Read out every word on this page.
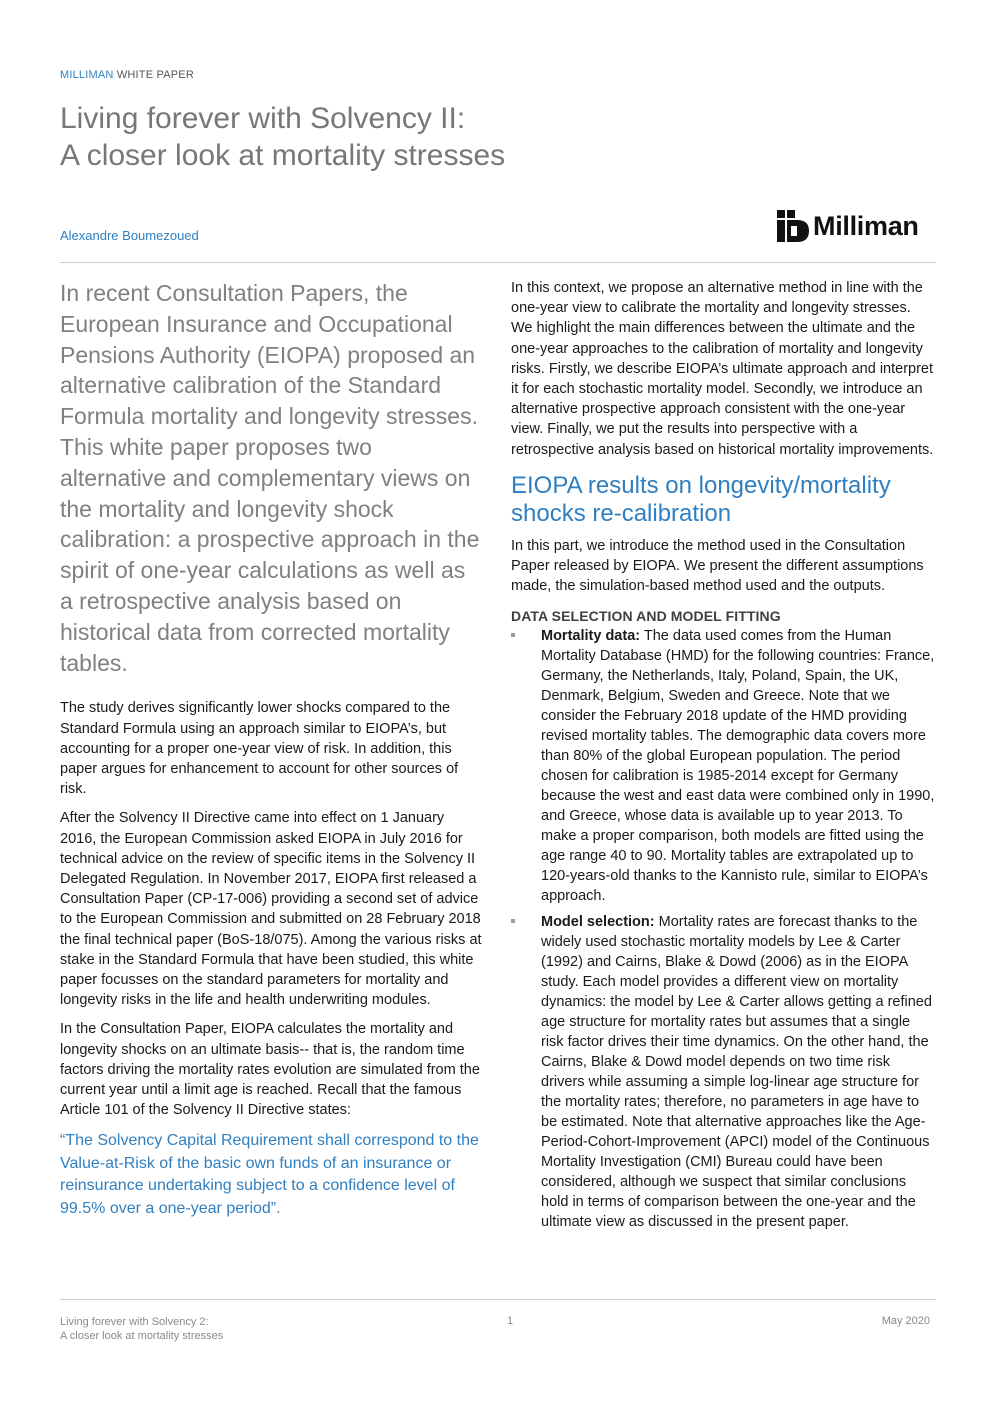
MILLIMAN WHITE PAPER
Living forever with Solvency II:
A closer look at mortality stresses
Alexandre Boumezoued	Milliman

In recent Consultation Papers, the European Insurance and Occupational Pensions Authority (EIOPA) proposed an alternative calibration of the Standard Formula mortality and longevity stresses. This white paper proposes two alternative and complementary views on the mortality and longevity shock calibration: a prospective approach in the spirit of one-year calculations as well as a retrospective analysis based on historical data from corrected mortality tables.

The study derives significantly lower shocks compared to the Standard Formula using an approach similar to EIOPA’s, but accounting for a proper one-year view of risk. In addition, this paper argues for enhancement to account for other sources of risk.

After the Solvency II Directive came into effect on 1 January 2016, the European Commission asked EIOPA in July 2016 for technical advice on the review of specific items in the Solvency II Delegated Regulation. In November 2017, EIOPA first released a Consultation Paper (CP-17-006) providing a second set of advice to the European Commission and submitted on 28 February 2018 the final technical paper (BoS-18/075). Among the various risks at stake in the Standard Formula that have been studied, this white paper focusses on the standard parameters for mortality and longevity risks in the life and health underwriting modules.

In the Consultation Paper, EIOPA calculates the mortality and longevity shocks on an ultimate basis-- that is, the random time factors driving the mortality rates evolution are simulated from the current year until a limit age is reached. Recall that the famous Article 101 of the Solvency II Directive states:

“The Solvency Capital Requirement shall correspond to the Value-at-Risk of the basic own funds of an insurance or reinsurance undertaking subject to a confidence level of 99.5% over a one-year period”.

In this context, we propose an alternative method in line with the one-year view to calibrate the mortality and longevity stresses. We highlight the main differences between the ultimate and the one-year approaches to the calibration of mortality and longevity risks. Firstly, we describe EIOPA’s ultimate approach and interpret it for each stochastic mortality model. Secondly, we introduce an alternative prospective approach consistent with the one-year view. Finally, we put the results into perspective with a retrospective analysis based on historical mortality improvements.

EIOPA results on longevity/mortality shocks re-calibration

In this part, we introduce the method used in the Consultation Paper released by EIOPA. We present the different assumptions made, the simulation-based method used and the outputs.

DATA SELECTION AND MODEL FITTING
Mortality data: The data used comes from the Human Mortality Database (HMD) for the following countries: France, Germany, the Netherlands, Italy, Poland, Spain, the UK, Denmark, Belgium, Sweden and Greece. Note that we consider the February 2018 update of the HMD providing revised mortality tables. The demographic data covers more than 80% of the global European population. The period chosen for calibration is 1985-2014 except for Germany because the west and east data were combined only in 1990, and Greece, whose data is available up to year 2013. To make a proper comparison, both models are fitted using the age range 40 to 90. Mortality tables are extrapolated up to 120-years-old thanks to the Kannisto rule, similar to EIOPA’s approach.
Model selection: Mortality rates are forecast thanks to the widely used stochastic mortality models by Lee & Carter (1992) and Cairns, Blake & Dowd (2006) as in the EIOPA study. Each model provides a different view on mortality dynamics: the model by Lee & Carter allows getting a refined age structure for mortality rates but assumes that a single risk factor drives their time dynamics. On the other hand, the Cairns, Blake & Dowd model depends on two time risk drivers while assuming a simple log-linear age structure for the mortality rates; therefore, no parameters in age have to be estimated. Note that alternative approaches like the Age- Period-Cohort-Improvement (APCI) model of the Continuous Mortality Investigation (CMI) Bureau could have been considered, although we suspect that similar conclusions hold in terms of comparison between the one-year and the ultimate view as discussed in the present paper.
Living forever with Solvency 2:
A closer look at mortality stresses
1	May 2020
